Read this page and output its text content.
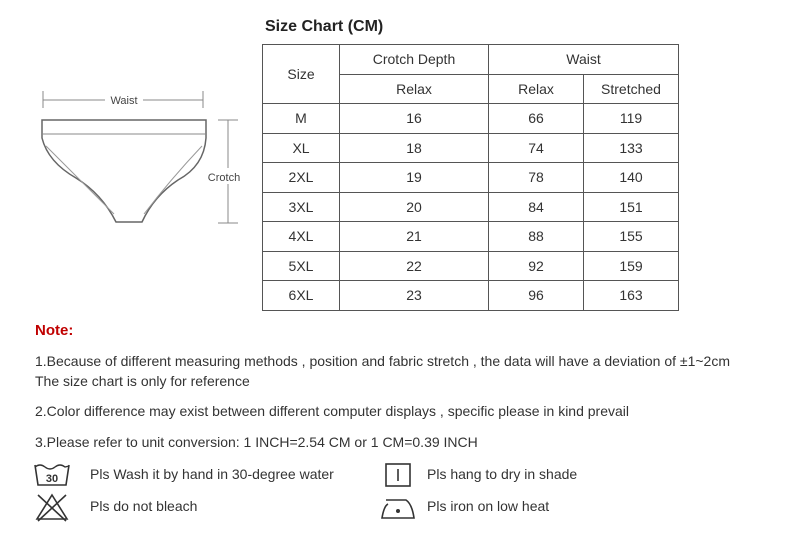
Size Chart (CM)
Waist
Crotch
Size	Crotch Depth	Waist	
	Relax	Relax	Stretched
M	16	66	119
XL	18	74	133
2XL	19	78	140
3XL	20	84	151
4XL	21	88	155
5XL	22	92	159
6XL	23	96	163
Note:
1.Because of different measuring methods , position and fabric stretch , the data will have a deviation of ±1~2cm
The size chart is only for reference
2.Color difference may exist between different computer displays , specific please in kind prevail
3.Please refer to unit conversion: 1 INCH=2.54 CM or 1 CM=0.39 INCH
30 Pls Wash it by hand in 30-degree water	Pls hang to dry in shade
Pls do not bleach	Pls iron on low heat
